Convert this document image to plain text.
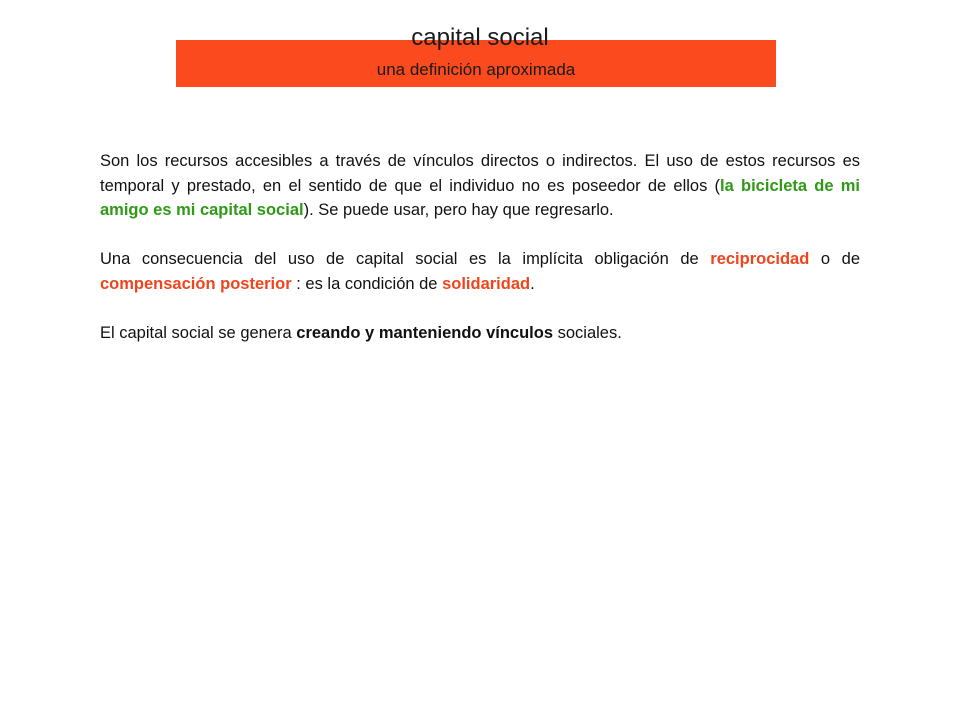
capital social
una definición aproximada

Son los recursos accesibles a través de vínculos directos o indirectos. El uso de estos recursos es temporal y prestado, en el sentido de que el individuo no es poseedor de ellos (la bicicleta de mi amigo es mi capital social). Se puede usar, pero hay que regresarlo.

Una consecuencia del uso de capital social es la implícita obligación de reciprocidad o de compensación posterior : es la condición de solidaridad.

El capital social se genera creando y manteniendo vínculos sociales.
